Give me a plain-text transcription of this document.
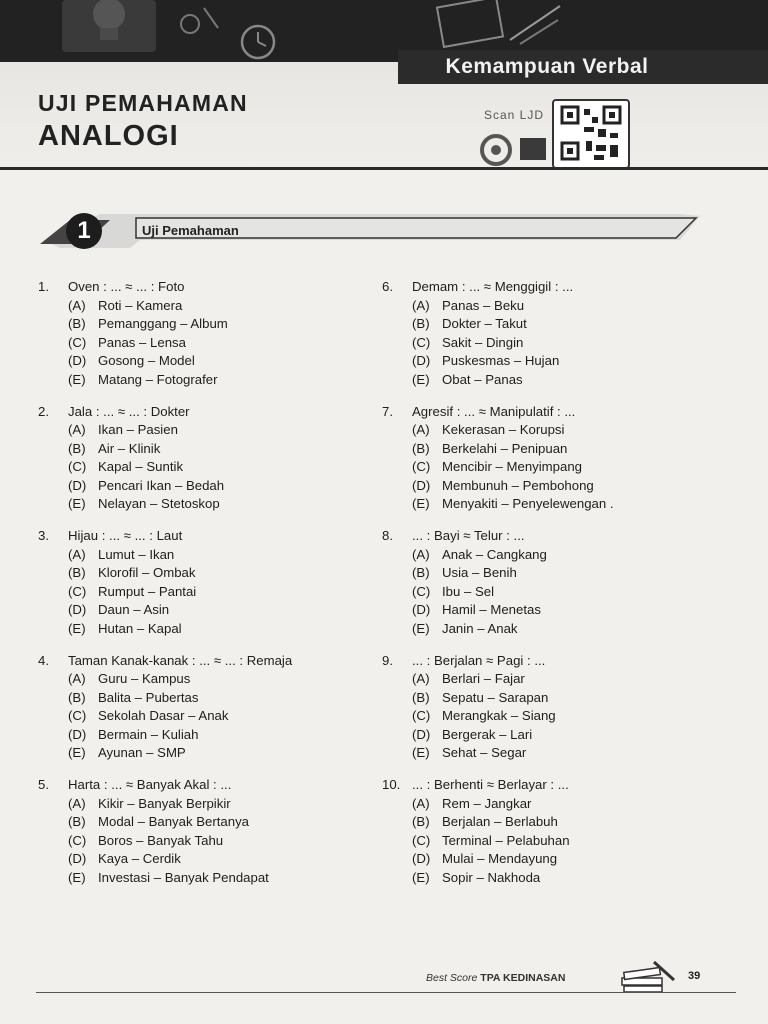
Kemampuan Verbal
UJI PEMAHAMAN
ANALOGI
Scan LJD
1	Uji Pemahaman
1.	Oven : ... ≈ ... : Foto
(A) Roti – Kamera
(B) Pemanggang – Album
(C) Panas – Lensa
(D) Gosong – Model
(E) Matang – Fotografer
2.	Jala : ... ≈ ... : Dokter
(A) Ikan – Pasien
(B) Air – Klinik
(C) Kapal – Suntik
(D) Pencari Ikan – Bedah
(E) Nelayan – Stetoskop
3.	Hijau : ... ≈ ... : Laut
(A) Lumut – Ikan
(B) Klorofil – Ombak
(C) Rumput – Pantai
(D) Daun – Asin
(E) Hutan – Kapal
4.	Taman Kanak-kanak : ... ≈ ... : Remaja
(A) Guru – Kampus
(B) Balita – Pubertas
(C) Sekolah Dasar – Anak
(D) Bermain – Kuliah
(E) Ayunan – SMP
5.	Harta : ... ≈ Banyak Akal : ...
(A) Kikir – Banyak Berpikir
(B) Modal – Banyak Bertanya
(C) Boros – Banyak Tahu
(D) Kaya – Cerdik
(E) Investasi – Banyak Pendapat
6.	Demam : ... ≈ Menggigil : ...
(A) Panas – Beku
(B) Dokter – Takut
(C) Sakit – Dingin
(D) Puskesmas – Hujan
(E) Obat – Panas
7.	Agresif : ... ≈ Manipulatif : ...
(A) Kekerasan – Korupsi
(B) Berkelahi – Penipuan
(C) Mencibir – Menyimpang
(D) Membunuh – Pembohong
(E) Menyakiti – Penyelewengan .
8.	... : Bayi ≈ Telur : ...
(A) Anak – Cangkang
(B) Usia – Benih
(C) Ibu – Sel
(D) Hamil – Menetas
(E) Janin – Anak
9.	... : Berjalan ≈ Pagi : ...
(A) Berlari – Fajar
(B) Sepatu – Sarapan
(C) Merangkak – Siang
(D) Bergerak – Lari
(E) Sehat – Segar
10. ... : Berhenti ≈ Berlayar : ...
(A) Rem – Jangkar
(B) Berjalan – Berlabuh
(C) Terminal – Pelabuhan
(D) Mulai – Mendayung
(E) Sopir – Nakhoda
Best Score TPA KEDINASAN	39
